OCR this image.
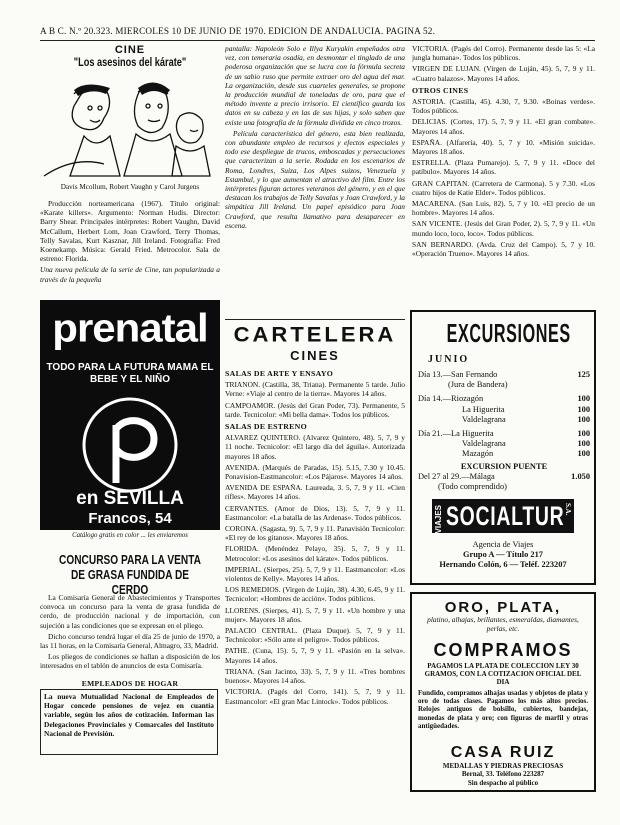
A B C. N.º 20.323. MIERCOLES 10 DE JUNIO DE 1970. EDICION DE ANDALUCIA. PAGINA 52.
CINE
"Los asesinos del kárate"
Davis Mcollum, Robert Vaughn y Carol Jurgens

Producción norteamericana (1967). Título original: «Karate killers». Argumento: Norman Hudis. Director: Barry Shear. Principales intérpretes: Robert Vaughn, David McCallum, Herbert Lom, Joan Crawford, Terry Thomas, Telly Savalas, Kurt Kasznar, Jill Ireland. Fotografía: Fred Koenekamp. Música: Gerald Fried. Metrocolor. Sala de estreno: Florida.

Una nueva película de la serie de Cine, tan popularizada a través de la pequeña

prenatal
TODO PARA LA FUTURA MAMA EL BEBE Y EL NIÑO
en SEVILLA
Francos, 54
Catálogo gratis en color ... les enviaremos
CONCURSO PARA LA VENTA DE GRASA FUNDIDA DE CERDO

La Comisaría General de Abastecimientos y Transportes convoca un concurso para la venta de grasa fundida de cerdo, de producción nacional y de importación, con sujeción a las condiciones que se expresan en el pliego.

Dicho concurso tendrá lugar el día 25 de junio de 1970, a las 11 horas, en la Comisaría General, Almagro, 33, Madrid.

Los pliegos de condiciones se hallan a disposición de los interesados en el tablón de anuncios de esta Comisaría.

EMPLEADOS DE HOGAR

La nueva Mutualidad Nacional de Empleados de Hogar concede pensiones de vejez en cuantía variable, según los años de cotización. Informan las Delegaciones Provinciales y Comarcales del Instituto Nacional de Previsión.

pantalla: Napoleón Solo e Illya Kuryakin empeñados otra vez, con temeraria osadía, en desmontar el tinglado de una poderosa organización que se lucra con la fórmula secreta de un sabio ruso que permite extraer oro del agua del mar. La organización, desde sus cuarteles generales, se propone la producción mundial de toneladas de oro, para que el método invente a precio irrisorio. El científico guarda los datos en su cabeza y en las de sus hijas, y solo saben que existe una fotografía de la fórmula dividida en cinco trozos.

Película característica del género, esta bien realizada, con abundante empleo de recursos y efectos especiales y todo ese despliegue de trucos, emboscadas y persecuciones que caracterizan a la serie. Rodada en los escenarios de Roma, Londres, Suiza, Los Alpes suizos, Venezuela y Estambul, y lo que aumentan el atractivo del film. Entre los intérpretes figuran actores veteranos del género, y en el que destacan los trabajos de Telly Savalas y Joan Crawford, y la simpática Jill Ireland. Un papel episódico para Joan Crawford, que resulta llamativo para desaparecer en escena.

CARTELERA
CINES
SALAS DE ARTE Y ENSAYO

TRIANON. (Castilla, 38, Triana). Permanente 5 tarde. Julio Verne: «Viaje al centro de la tierra». Mayores 14 años.

CAMPOAMOR. (Jesús del Gran Poder, 73). Permanente, 5 tarde. Tecnicolor: «Mi bella dama». Todos los públicos.

SALAS DE ESTRENO

ALVAREZ QUINTERO. (Alvarez Quintero, 48). 5, 7, 9 y 11 noche. Tecnicolor: «El largo día del águila». Autorizada mayores 18 años.

AVENIDA. (Marqués de Paradas, 15). 5.15, 7.30 y 10.45. Ponavision-Eastmancolor: «Los Pájaros». Mayores 14 años.

AVENIDA DE ESPAÑA. Laureada, 3. 5, 7, 9 y 11. «Cien rifles». Mayores 14 años.

CERVANTES. (Amor de Dios, 13). 5, 7, 9 y 11. Eastmancolor: «La batalla de las Ardenas». Todos públicos.

CORONA. (Sagasta, 9). 5, 7, 9 y 11. Panavisión Tecnicolor: «El rey de los gitanos». Mayores 18 años.

FLORIDA. (Menéndez Pelayo, 35). 5, 7, 9 y 11. Metrocolor: «Los asesinos del kárate». Todos públicos.

IMPERIAL. (Sierpes, 25). 5, 7, 9 y 11. Eastmancolor: «Los violentos de Kelly». Mayores 14 años.

LOS REMEDIOS. (Virgen de Luján, 38). 4.30, 6.45, 9 y 11. Tecnicolor: «Hombres de acción». Todos públicos.

LLORENS. (Sierpes, 41). 5, 7, 9 y 11. «Un hombre y una mujer». Mayores 18 años.

PALACIO CENTRAL. (Plaza Duque). 5, 7, 9 y 11. Technicolor: «Sólo ante el peligro». Todos públicos.

PATHE. (Cuna, 15). 5, 7, 9 y 11. «Pasión en la selva». Mayores 14 años.

TRIANA. (San Jacinto, 33). 5, 7, 9 y 11. «Tres hombres buenos». Mayores 14 años.

VICTORIA. (Pagés del Corro, 141). 5, 7, 9 y 11. Eastmancolor: «El gran Mac Lintock». Todos públicos.

VICTORIA. (Pagés del Corro). Permanente desde las 5: «La jungla humana». Todos los públicos.

VIRGEN DE LUJAN. (Virgen de Luján, 45). 5, 7, 9 y 11. «Cuatro balazos». Mayores 14 años.

OTROS CINES

ASTORIA. (Castilla, 45). 4.30, 7, 9.30. «Boinas verdes». Todos públicos.

DELICIAS. (Cortes, 17). 5, 7, 9 y 11. «El gran combate». Mayores 14 años.

ESPAÑA. (Alfarería, 40). 5, 7 y 10. «Misión suicida». Mayores 18 años.

ESTRELLA. (Plaza Pumarejo). 5, 7, 9 y 11. «Doce del patíbulo». Mayores 14 años.

GRAN CAPITAN. (Carretera de Carmona). 5 y 7.30. «Los cuatro hijos de Katie Elder». Todos públicos.

MACARENA. (San Luis, 82). 5, 7 y 10. «El precio de un hombre». Mayores 14 años.

SAN VICENTE. (Jesús del Gran Poder, 2). 5, 7, 9 y 11. «Un mundo loco, loco, loco». Todos públicos.

SAN BERNARDO. (Avda. Cruz del Campo). 5, 7 y 10. «Operación Trueno». Mayores 14 años.

EXCURSIONES
JUNIO
Día 13.—San Fernando	125
(Jura de Bandera)
Día 14.—Riozagón	100
La Higuerita	100
Valdelagrana	100
Día 21.—La Higuerita	100
Valdelagrana	100
Mazagón	100
EXCURSION PUENTE
Del 27 al 29.—Málaga	1.050
(Todo comprendido)
VIAJES SOCIALTUR S.A.
Agencia de Viajes
Grupo A — Título 217
Hernando Colón, 6 — Teléf. 223207
ORO, PLATA,
platino, alhajas, brillantes, esmeraldas, diamantes, perlas, etc.
COMPRAMOS
PAGAMOS LA PLATA DE COLECCION LEY 30 GRAMOS, CON LA COTIZACION OFICIAL DEL DIA
Fundido, compramos alhajas usadas y objetos de plata y oro de todas clases. Pagamos los más altos precios. Relojes antiguos de bolsillo, cubiertos, bandejas, monedas de plata y oro; con figuras de marfil y otras antigüedades.
CASA RUIZ
MEDALLAS Y PIEDRAS PRECIOSAS
Bernal, 33. Teléfono 223287
Sin despacho al público
